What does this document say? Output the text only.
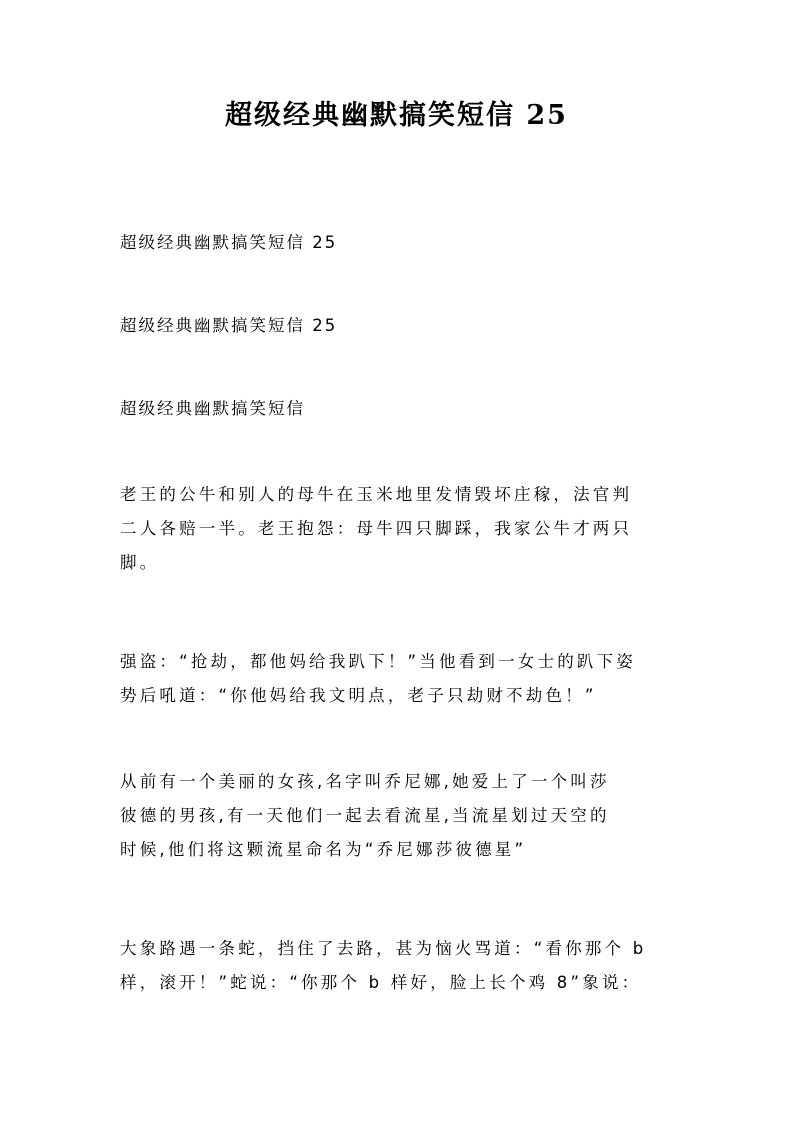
超级经典幽默搞笑短信 25

超级经典幽默搞笑短信 25

超级经典幽默搞笑短信 25

超级经典幽默搞笑短信

老王的公牛和别人的母牛在玉米地里发情毁坏庄稼，法官判
二人各赔一半。老王抱怨：母牛四只脚踩，我家公牛才两只
脚。
强盗：“抢劫，都他妈给我趴下！”当他看到一女士的趴下姿
势后吼道：“你他妈给我文明点，老子只劫财不劫色！”
从前有一个美丽的女孩,名字叫乔尼娜,她爱上了一个叫莎
彼德的男孩,有一天他们一起去看流星,当流星划过天空的
时候,他们将这颗流星命名为“乔尼娜莎彼德星”
大象路遇一条蛇，挡住了去路，甚为恼火骂道：“看你那个 b
样，滚开！”蛇说：“你那个 b 样好，脸上长个鸡 8”象说：
